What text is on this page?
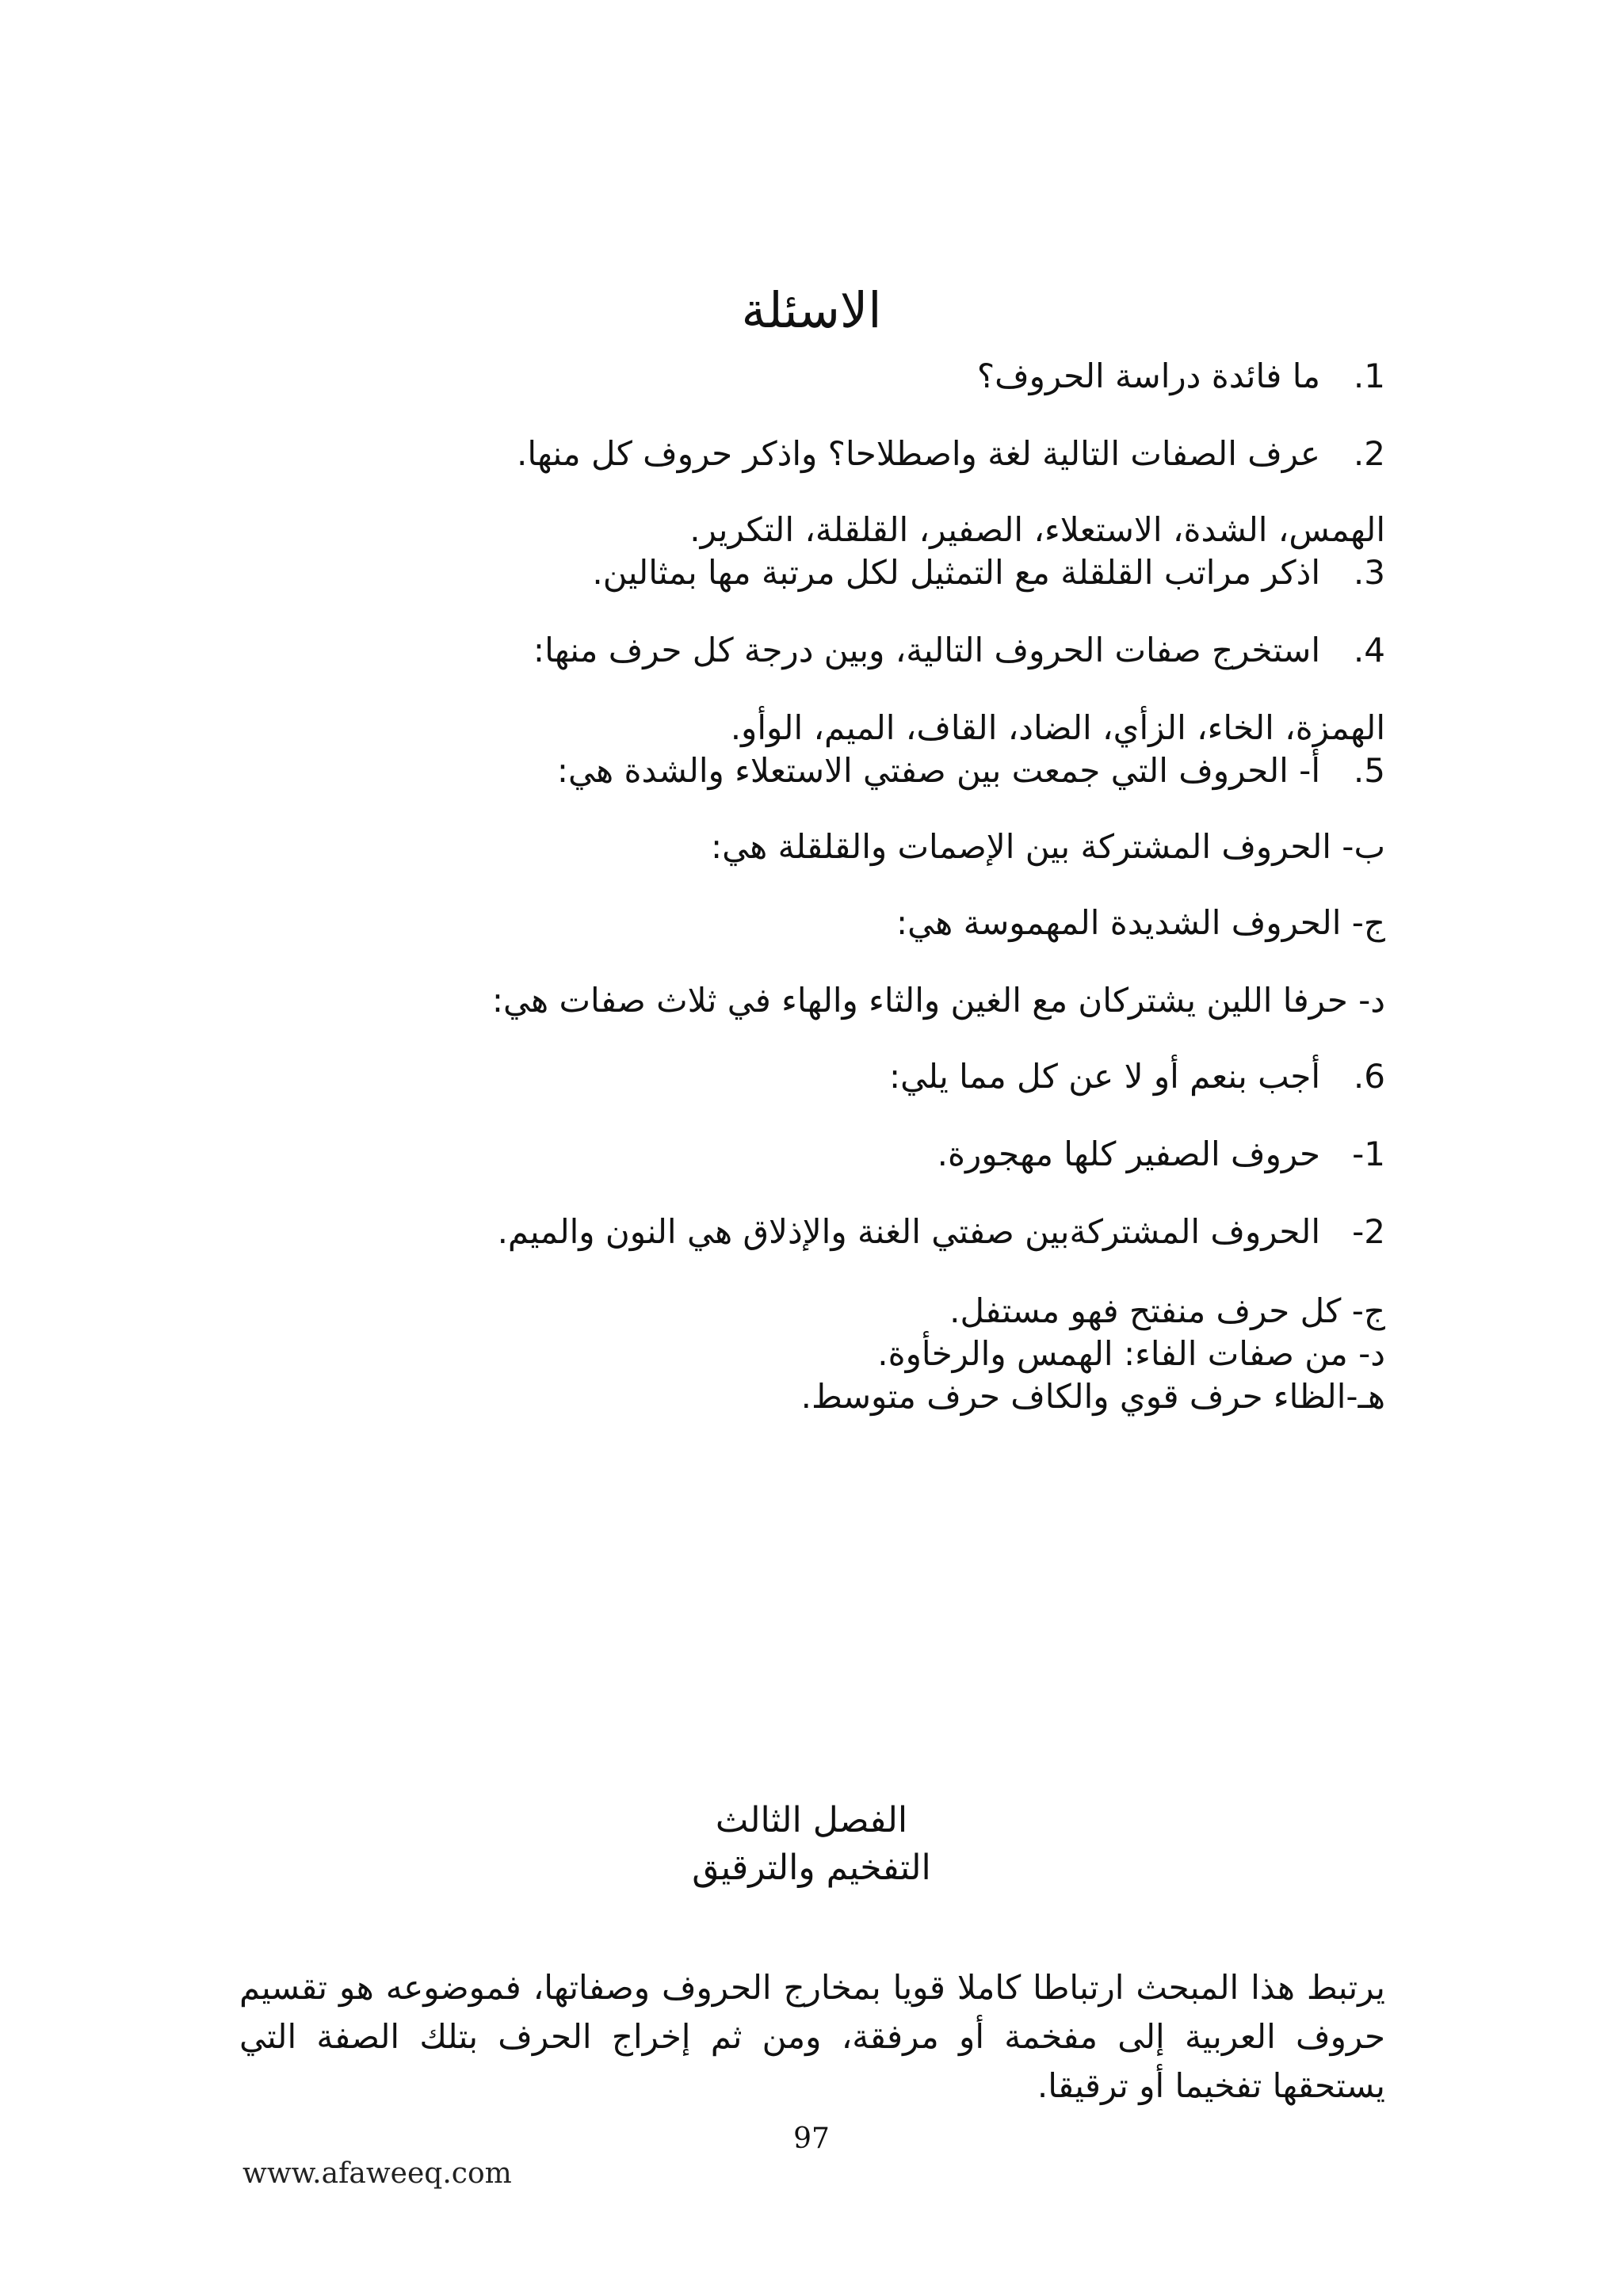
الاسئلة
1.ما فائدة دراسة الحروف؟
2.عرف الصفات التالية لغة واصطلاحا؟ واذكر حروف كل منها.
الهمس، الشدة، الاستعلاء، الصفير، القلقلة، التكرير.
3.اذكر مراتب القلقلة مع التمثيل لكل مرتبة مها بمثالين.
4.استخرج صفات الحروف التالية، وبين درجة كل حرف منها:
الهمزة، الخاء، الزأي، الضاد، القاف، الميم، الوأو.
5.أ- الحروف التي جمعت بين صفتي الاستعلاء والشدة هي:
ب- الحروف المشتركة بين الإصمات والقلقلة هي:
ج- الحروف الشديدة المهموسة هي:
د- حرفا اللين يشتركان مع الغين والثاء والهاء في ثلاث صفات هي:
6.أجب بنعم أو لا عن كل مما يلي:
1-حروف الصفير كلها مهجورة.
2-الحروف المشتركةبين صفتي الغنة والإذلاق هي النون والميم.
ج- كل حرف منفتح فهو مستفل.
د- من صفات الفاء: الهمس والرخأوة.
هـ-الظاء حرف قوي والكاف حرف متوسط.
الفصل الثالث
التفخيم والترقيق
يرتبط هذا المبحث ارتباطا كاملا قويا بمخارج الحروف وصفاتها، فموضوعه هو تقسيم حروف العربية إلى مفخمة أو مرفقة، ومن ثم إخراج الحرف بتلك الصفة التي يستحقها تفخيما أو ترقيقا.
97
www.afaweeq.com
